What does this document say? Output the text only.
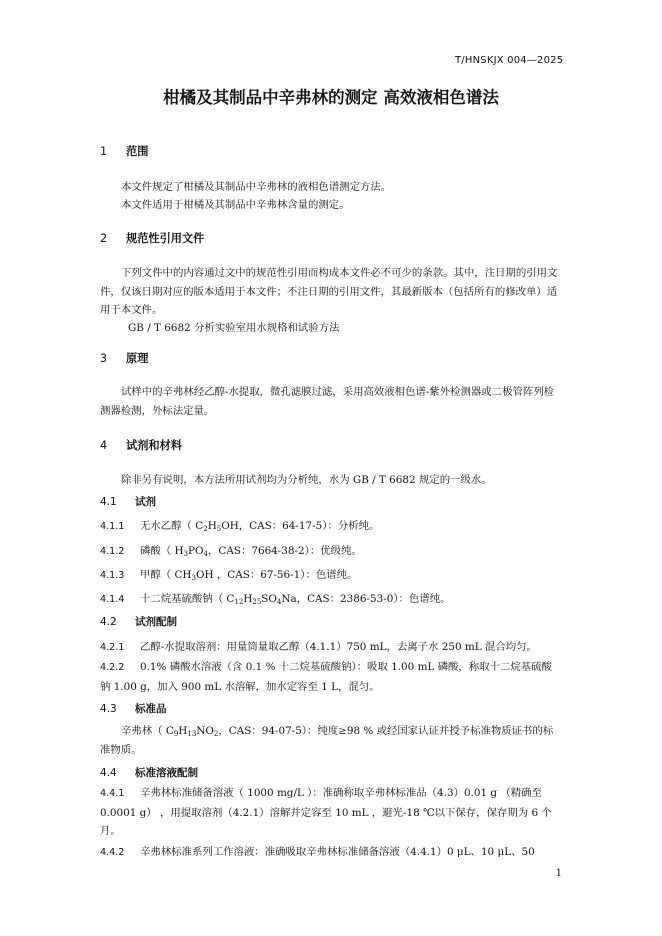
T/HNSKJX 004—2025
柑橘及其制品中辛弗林的测定 高效液相色谱法
1 范围
本文件规定了柑橘及其制品中辛弗林的液相色谱测定方法。
本文件适用于柑橘及其制品中辛弗林含量的测定。
2 规范性引用文件
下列文件中的内容通过文中的规范性引用而构成本文件必不可少的条款。其中，注日期的引用文件，仅该日期对应的版本适用于本文件；不注日期的引用文件，其最新版本（包括所有的修改单）适用于本文件。
GB / T 6682 分析实验室用水规格和试验方法
3 原理
试样中的辛弗林经乙醇-水提取，微孔滤膜过滤，采用高效液相色谱-紫外检测器或二极管阵列检测器检测，外标法定量。
4 试剂和材料
除非另有说明，本方法所用试剂均为分析纯，水为 GB / T 6682 规定的一级水。
4.1 试剂
4.1.1 无水乙醇（ $C_2H_5OH$，CAS：64-17-5）：分析纯。
4.1.2 磷酸（ $H_3PO_4$，CAS：7664-38-2）：优级纯。
4.1.3 甲醇（ $CH_3OH$ ，CAS：67-56-1）：色谱纯。
4.1.4 十二烷基硫酸钠（ $C_{12}H_{25}SO_4Na$，CAS：2386-53-0）：色谱纯。
4.2 试剂配制
4.2.1 乙醇-水提取溶剂：用量筒量取乙醇（4.1.1）750 mL，去离子水 250 mL 混合均匀。
4.2.2 0.1% 磷酸水溶液（含 0.1 % 十二烷基硫酸钠）：吸取 1.00 mL 磷酸，称取十二烷基硫酸钠 1.00 g，加入 900 mL 水溶解，加水定容至 1 L，混匀。
4.3 标准品
辛弗林（ $C_9H_{13}NO_2$，CAS：94-07-5）：纯度≥98 % 或经国家认证并授予标准物质证书的标准物质。
4.4 标准溶液配制
4.4.1 辛弗林标准储备溶液（ 1000 mg/L ）：准确称取辛弗林标准品（4.3）0.01 g （精确至 0.0001 g） ，用提取溶剂（4.2.1）溶解并定容至 10 mL ，避光-18 ℃以下保存，保存期为 6 个月。
4.4.2 辛弗林标准系列工作溶液：准确吸取辛弗林标准储备溶液（4.4.1）0 μL、10 μL、50
1
